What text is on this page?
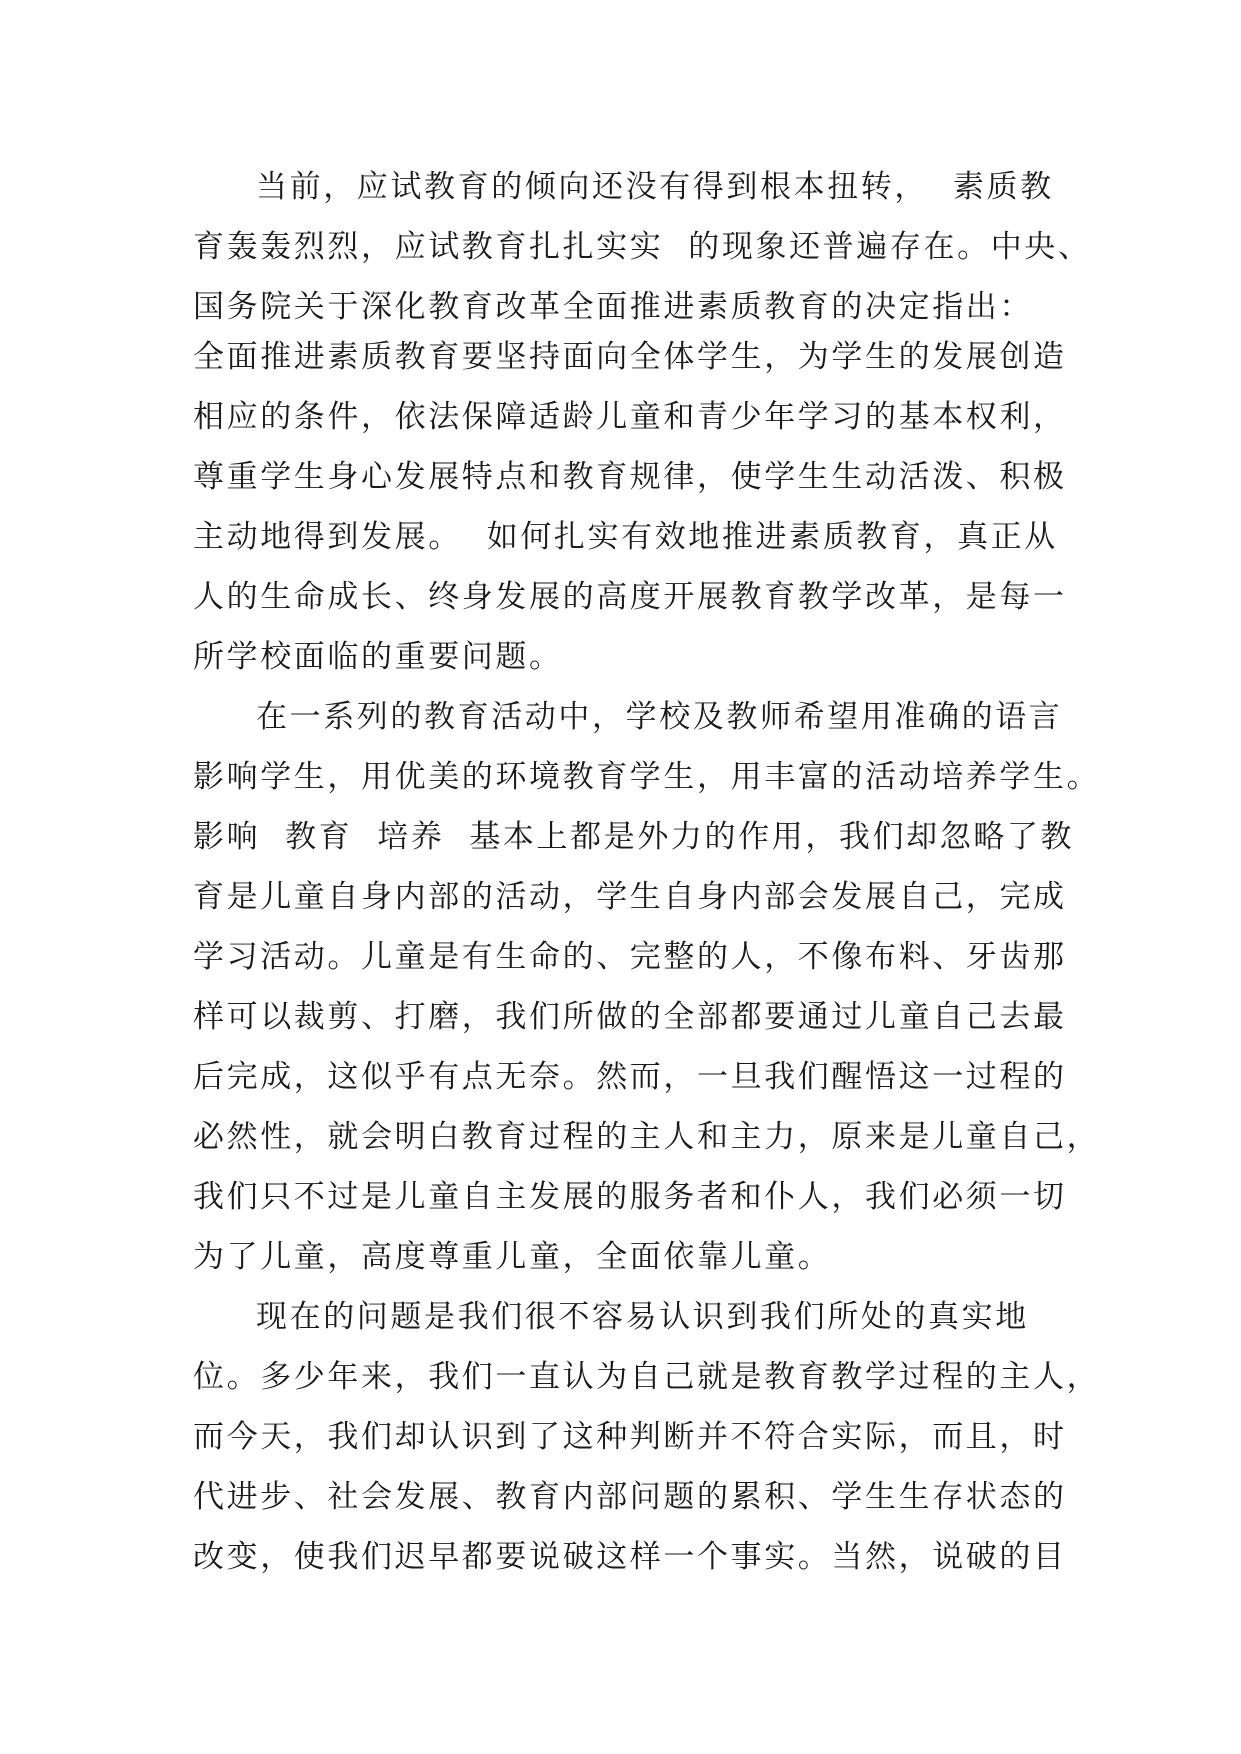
当前，应试教育的倾向还没有得到根本扭转，  素质教
育轰轰烈烈，应试教育扎扎实实  的现象还普遍存在。中央、
国务院关于深化教育改革全面推进素质教育的决定指出：
全面推进素质教育要坚持面向全体学生，为学生的发展创造
相应的条件，依法保障适龄儿童和青少年学习的基本权利，
尊重学生身心发展特点和教育规律，使学生生动活泼、积极
主动地得到发展。  如何扎实有效地推进素质教育，真正从
人的生命成长、终身发展的高度开展教育教学改革，是每一
所学校面临的重要问题。
在一系列的教育活动中，学校及教师希望用准确的语言
影响学生，用优美的环境教育学生，用丰富的活动培养学生。
影响  教育  培养  基本上都是外力的作用，我们却忽略了教
育是儿童自身内部的活动，学生自身内部会发展自己，完成
学习活动。儿童是有生命的、完整的人，不像布料、牙齿那
样可以裁剪、打磨，我们所做的全部都要通过儿童自己去最
后完成，这似乎有点无奈。然而，一旦我们醒悟这一过程的
必然性，就会明白教育过程的主人和主力，原来是儿童自己，
我们只不过是儿童自主发展的服务者和仆人，我们必须一切
为了儿童，高度尊重儿童，全面依靠儿童。
现在的问题是我们很不容易认识到我们所处的真实地
位。多少年来，我们一直认为自己就是教育教学过程的主人，
而今天，我们却认识到了这种判断并不符合实际，而且，时
代进步、社会发展、教育内部问题的累积、学生生存状态的
改变，使我们迟早都要说破这样一个事实。当然，说破的目
